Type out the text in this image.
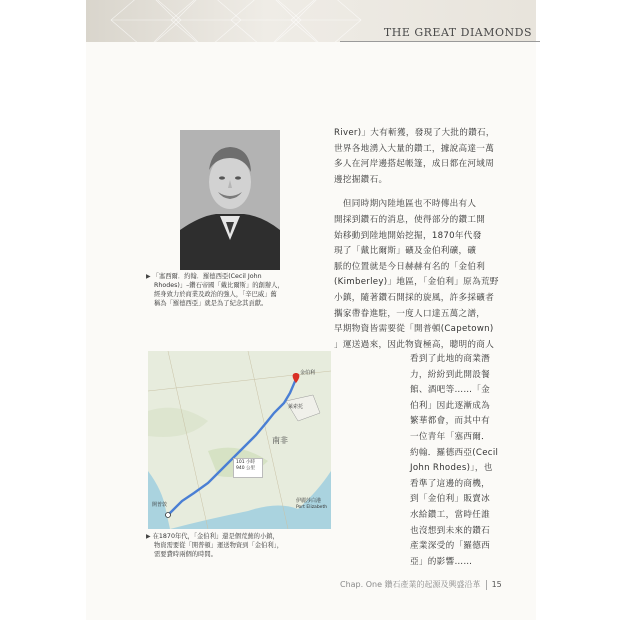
THE GREAT DIAMONDS
▶ 「塞西爾．約翰．羅德西亞(Cecil John
Rhodes)」–鑽石帝國「戴比爾斯」的創辦人，
經身致力於商業及政治的強人，「辛巴威」舊
稱為「羅德西亞」就是為了紀念其貢獻。
金伯利
萊索托
南非
伊麗莎白港
Port Elizabeth
開普敦
101 小時
940 公里
▶ 在1870年代，「金伯利」還是個荒蕪的小鎮，
物資需要從「開普頓」運送物資到「金伯利」，
需要費時兩個的時間。
River)」大有斬獲，發現了大批的鑽石，
世界各地湧入大量的鑽工，據說高達一萬
多人在河岸邊搭起帳篷，成日都在河域周
邊挖掘鑽石。
　但同時期內陸地區也不時傳出有人
開採到鑽石的消息，使得部分的鑽工開
始移動到陸地開始挖掘，1870年代發
現了「戴比爾斯」礦及金伯利礦，礦
脈的位置就是今日赫赫有名的「金伯利
(Kimberley)」地區，「金伯利」原為荒野
小鎮，隨著鑽石開採的旋風，許多採礦者
攜家帶眷進駐，一度人口達五萬之譜，
早期物資皆需要從「開普頓(Capetown)
」運送過來，因此物資極高，聰明的商人
看到了此地的商業潛
力，紛紛到此開設餐
館、酒吧等……「金
伯利」因此逐漸成為
繁華都會，而其中有
一位青年「塞西爾．
約翰．羅德西亞(Cecil
John Rhodes)」，也
看準了這邊的商機，
到「金伯利」販賣冰
水給鑽工，當時任誰
也沒想到未來的鑽石
產業深受的「羅德西
亞」的影響……
Chap. One 鑽石產業的起源及興盛沿革 15
